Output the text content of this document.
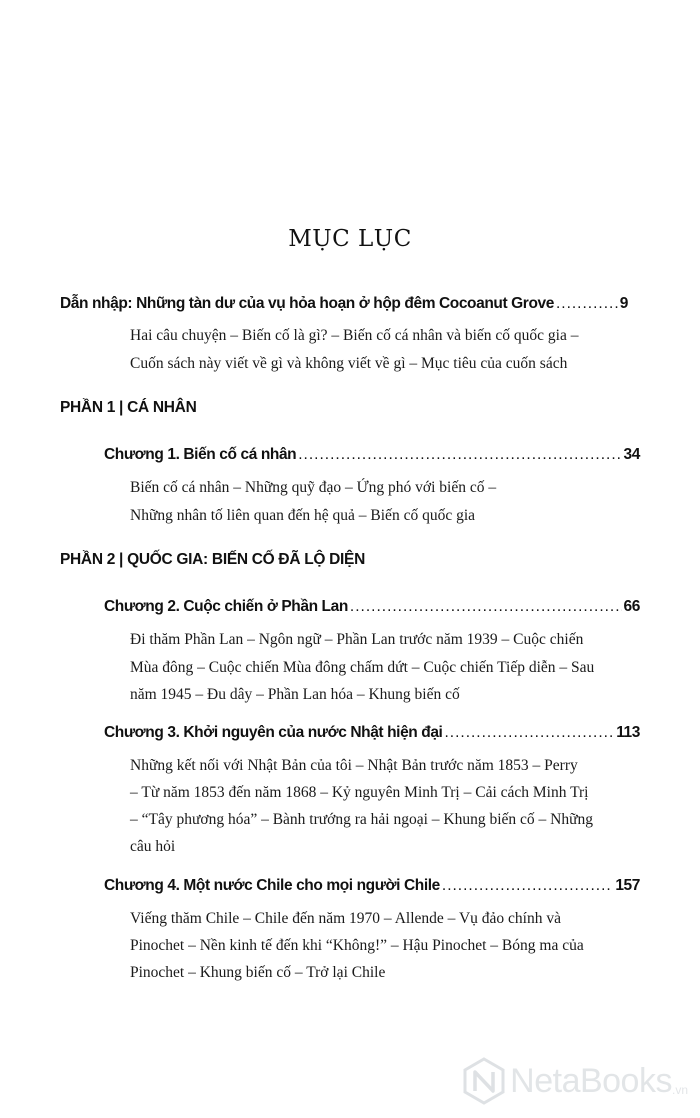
MỤC LỤC
Dẫn nhập: Những tàn dư của vụ hỏa hoạn ở hộp đêm Cocoanut Grove .....	9
Hai câu chuyện – Biến cố là gì? – Biến cố cá nhân và biến cố quốc gia –
Cuốn sách này viết về gì và không viết về gì – Mục tiêu của cuốn sách
PHẦN 1 | CÁ NHÂN
Chương 1. Biến cố cá nhân .....	34
Biến cố cá nhân – Những quỹ đạo – Ứng phó với biến cố –
Những nhân tố liên quan đến hệ quả – Biến cố quốc gia
PHẦN 2 | QUỐC GIA: BIẾN CỐ ĐÃ LỘ DIỆN
Chương 2. Cuộc chiến ở Phần Lan .....	66
Đi thăm Phần Lan – Ngôn ngữ – Phần Lan trước năm 1939 – Cuộc chiến
Mùa đông – Cuộc chiến Mùa đông chấm dứt – Cuộc chiến Tiếp diễn – Sau
năm 1945 – Đu dây – Phần Lan hóa – Khung biến cố
Chương 3. Khởi nguyên của nước Nhật hiện đại .....	113
Những kết nối với Nhật Bản của tôi – Nhật Bản trước năm 1853 – Perry
– Từ năm 1853 đến năm 1868 – Kỷ nguyên Minh Trị – Cải cách Minh Trị
– “Tây phương hóa” – Bành trướng ra hải ngoại – Khung biến cố – Những
câu hỏi
Chương 4. Một nước Chile cho mọi người Chile .....	157
Viếng thăm Chile – Chile đến năm 1970 – Allende – Vụ đảo chính và
Pinochet – Nền kinh tế đến khi “Không!” – Hậu Pinochet – Bóng ma của
Pinochet – Khung biến cố – Trở lại Chile
NetaBooks .vn
